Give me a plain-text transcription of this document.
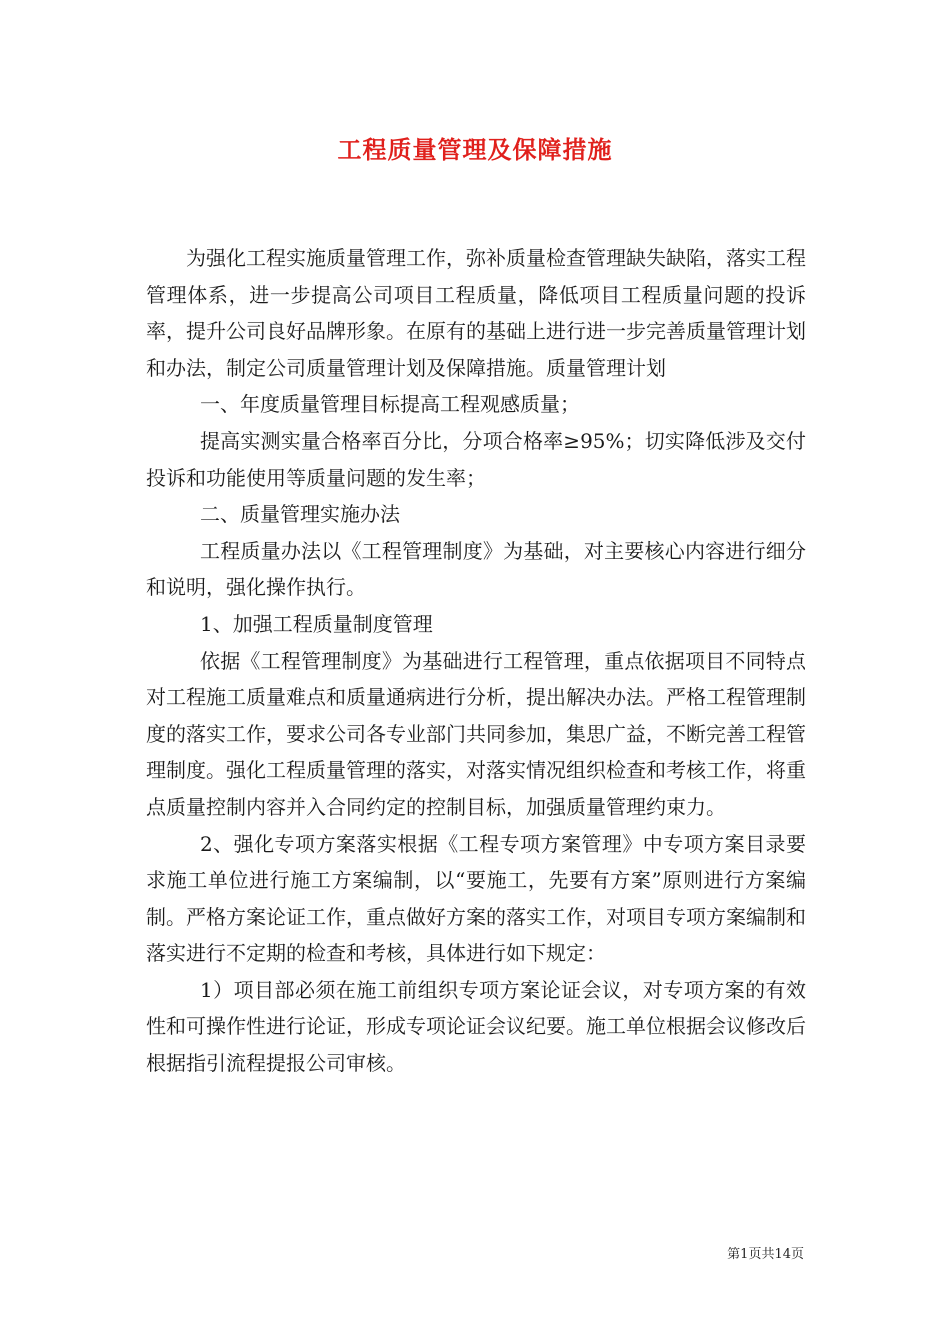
工程质量管理及保障措施

为强化工程实施质量管理工作，弥补质量检查管理缺失缺陷，落实工程管理体系，进一步提高公司项目工程质量，降低项目工程质量问题的投诉率，提升公司良好品牌形象。在原有的基础上进行进一步完善质量管理计划和办法，制定公司质量管理计划及保障措施。质量管理计划

一、年度质量管理目标提高工程观感质量；

提高实测实量合格率百分比，分项合格率≥95%；切实降低涉及交付投诉和功能使用等质量问题的发生率；

二、质量管理实施办法

工程质量办法以《工程管理制度》为基础，对主要核心内容进行细分和说明，强化操作执行。

1、加强工程质量制度管理

依据《工程管理制度》为基础进行工程管理，重点依据项目不同特点对工程施工质量难点和质量通病进行分析，提出解决办法。严格工程管理制度的落实工作，要求公司各专业部门共同参加，集思广益，不断完善工程管理制度。强化工程质量管理的落实，对落实情况组织检查和考核工作，将重点质量控制内容并入合同约定的控制目标，加强质量管理约束力。

2、强化专项方案落实根据《工程专项方案管理》中专项方案目录要求施工单位进行施工方案编制，以“要施工，先要有方案”原则进行方案编制。严格方案论证工作，重点做好方案的落实工作，对项目专项方案编制和落实进行不定期的检查和考核，具体进行如下规定：

1）项目部必须在施工前组织专项方案论证会议，对专项方案的有效性和可操作性进行论证，形成专项论证会议纪要。施工单位根据会议修改后根据指引流程提报公司审核。

第1页共14页
